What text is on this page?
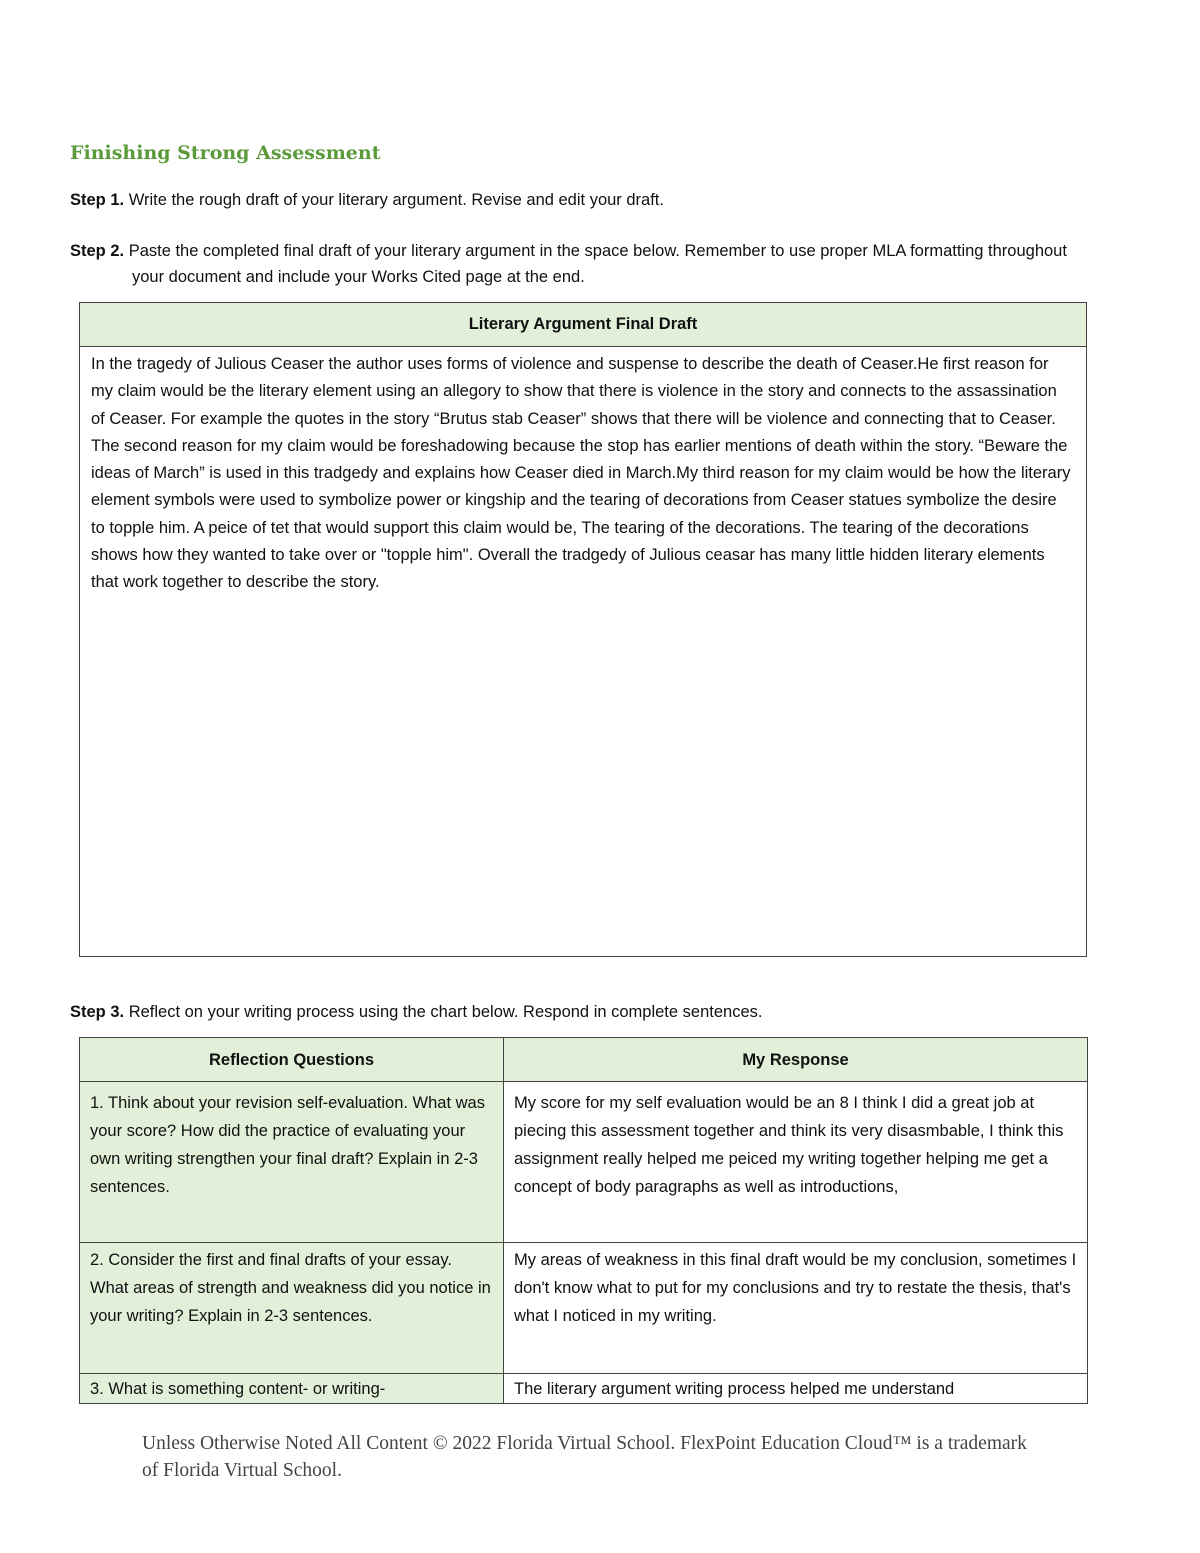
Finishing Strong Assessment
Step 1. Write the rough draft of your literary argument. Revise and edit your draft.
Step 2. Paste the completed final draft of your literary argument in the space below. Remember to use proper MLA formatting throughout your document and include your Works Cited page at the end.
Literary Argument Final Draft
In the tragedy of Julious Ceaser the author uses forms of violence and suspense to describe the death of Ceaser.He first reason for my claim would be the literary element using an allegory to show that there is violence in the story and connects to the assassination of Ceaser. For example the quotes in the story “Brutus stab Ceaser” shows that there will be violence and connecting that to Ceaser. The second reason for my claim would be foreshadowing because the stop has earlier mentions of death within the story. “Beware the ideas of March” is used in this tradgedy and explains how Ceaser died in March.My third reason for my claim would be how the literary element symbols were used to symbolize power or kingship and the tearing of decorations from Ceaser statues symbolize the desire to topple him. A peice of tet that would support this claim would be, The tearing of the decorations. The tearing of the decorations shows how they wanted to take over or "topple him". Overall the tradgedy of Julious ceasar has many little hidden literary elements that work together to describe the story.
Step 3. Reflect on your writing process using the chart below. Respond in complete sentences.
Reflection Questions	My Response
1. Think about your revision self-evaluation. What was your score? How did the practice of evaluating your own writing strengthen your final draft? Explain in 2-3 sentences.	My score for my self evaluation would be an 8 I think I did a great job at piecing this assessment together and think its very disasmbable, I think this assignment really helped me peiced my writing together helping me get a concept of body paragraphs as well as introductions,
2. Consider the first and final drafts of your essay. What areas of strength and weakness did you notice in your writing? Explain in 2-3 sentences.	My areas of weakness in this final draft would be my conclusion, sometimes I don't know what to put for my conclusions and try to restate the thesis, that's what I noticed in my writing.

3. What is something content- or writing-	The literary argument writing process helped me understand
Unless Otherwise Noted All Content © 2022 Florida Virtual School. FlexPoint Education Cloud™ is a trademark of Florida Virtual School.
